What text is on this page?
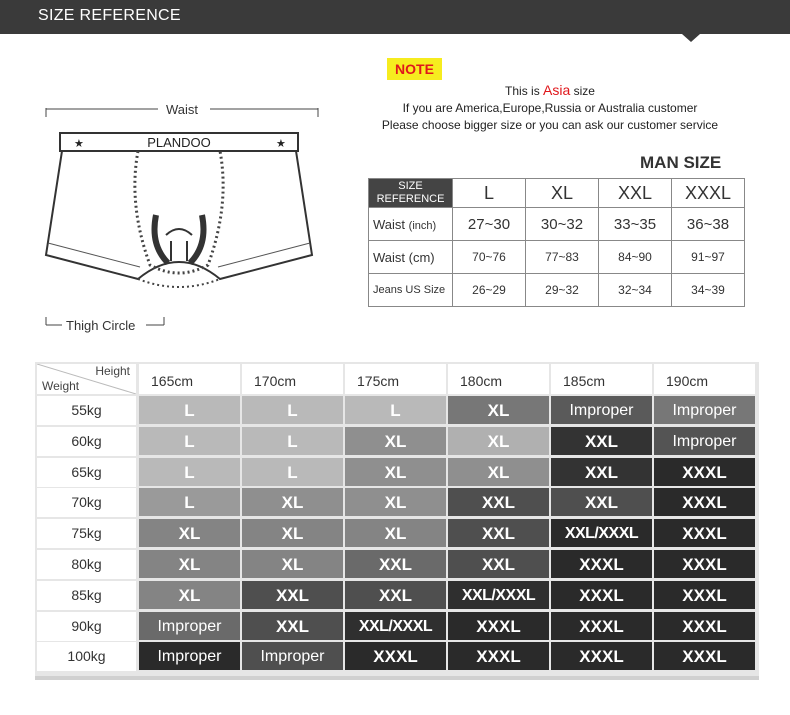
SIZE REFERENCE
★	★
PLANDOO
Waist
Thigh Circle
NOTE
This is Asia size
If you are America,Europe,Russia or Australia customer
Please choose bigger size or you can ask our customer service
MAN SIZE
SIZE
REFERENCE	L	XL	XXL	XXXL
Waist (inch)	27~30	30~32	33~35	36~38
Waist (cm)	70~76	77~83	84~90	91~97
Jeans US Size	26~29	29~32	32~34	34~39
Height
Weight	165cm	170cm	175cm	180cm	185cm	190cm
55kg	L	L	L	XL	Improper	Improper
60kg	L	L	XL	XL	XXL	Improper
65kg	L	L	XL	XL	XXL	XXXL
70kg	L	XL	XL	XXL	XXL	XXXL
75kg	XL	XL	XL	XXL	XXL/XXXL	XXXL
80kg	XL	XL	XXL	XXL	XXXL	XXXL
85kg	XL	XXL	XXL	XXL/XXXL	XXXL	XXXL
90kg	Improper	XXL	XXL/XXXL	XXXL	XXXL	XXXL
100kg	Improper	Improper	XXXL	XXXL	XXXL	XXXL
